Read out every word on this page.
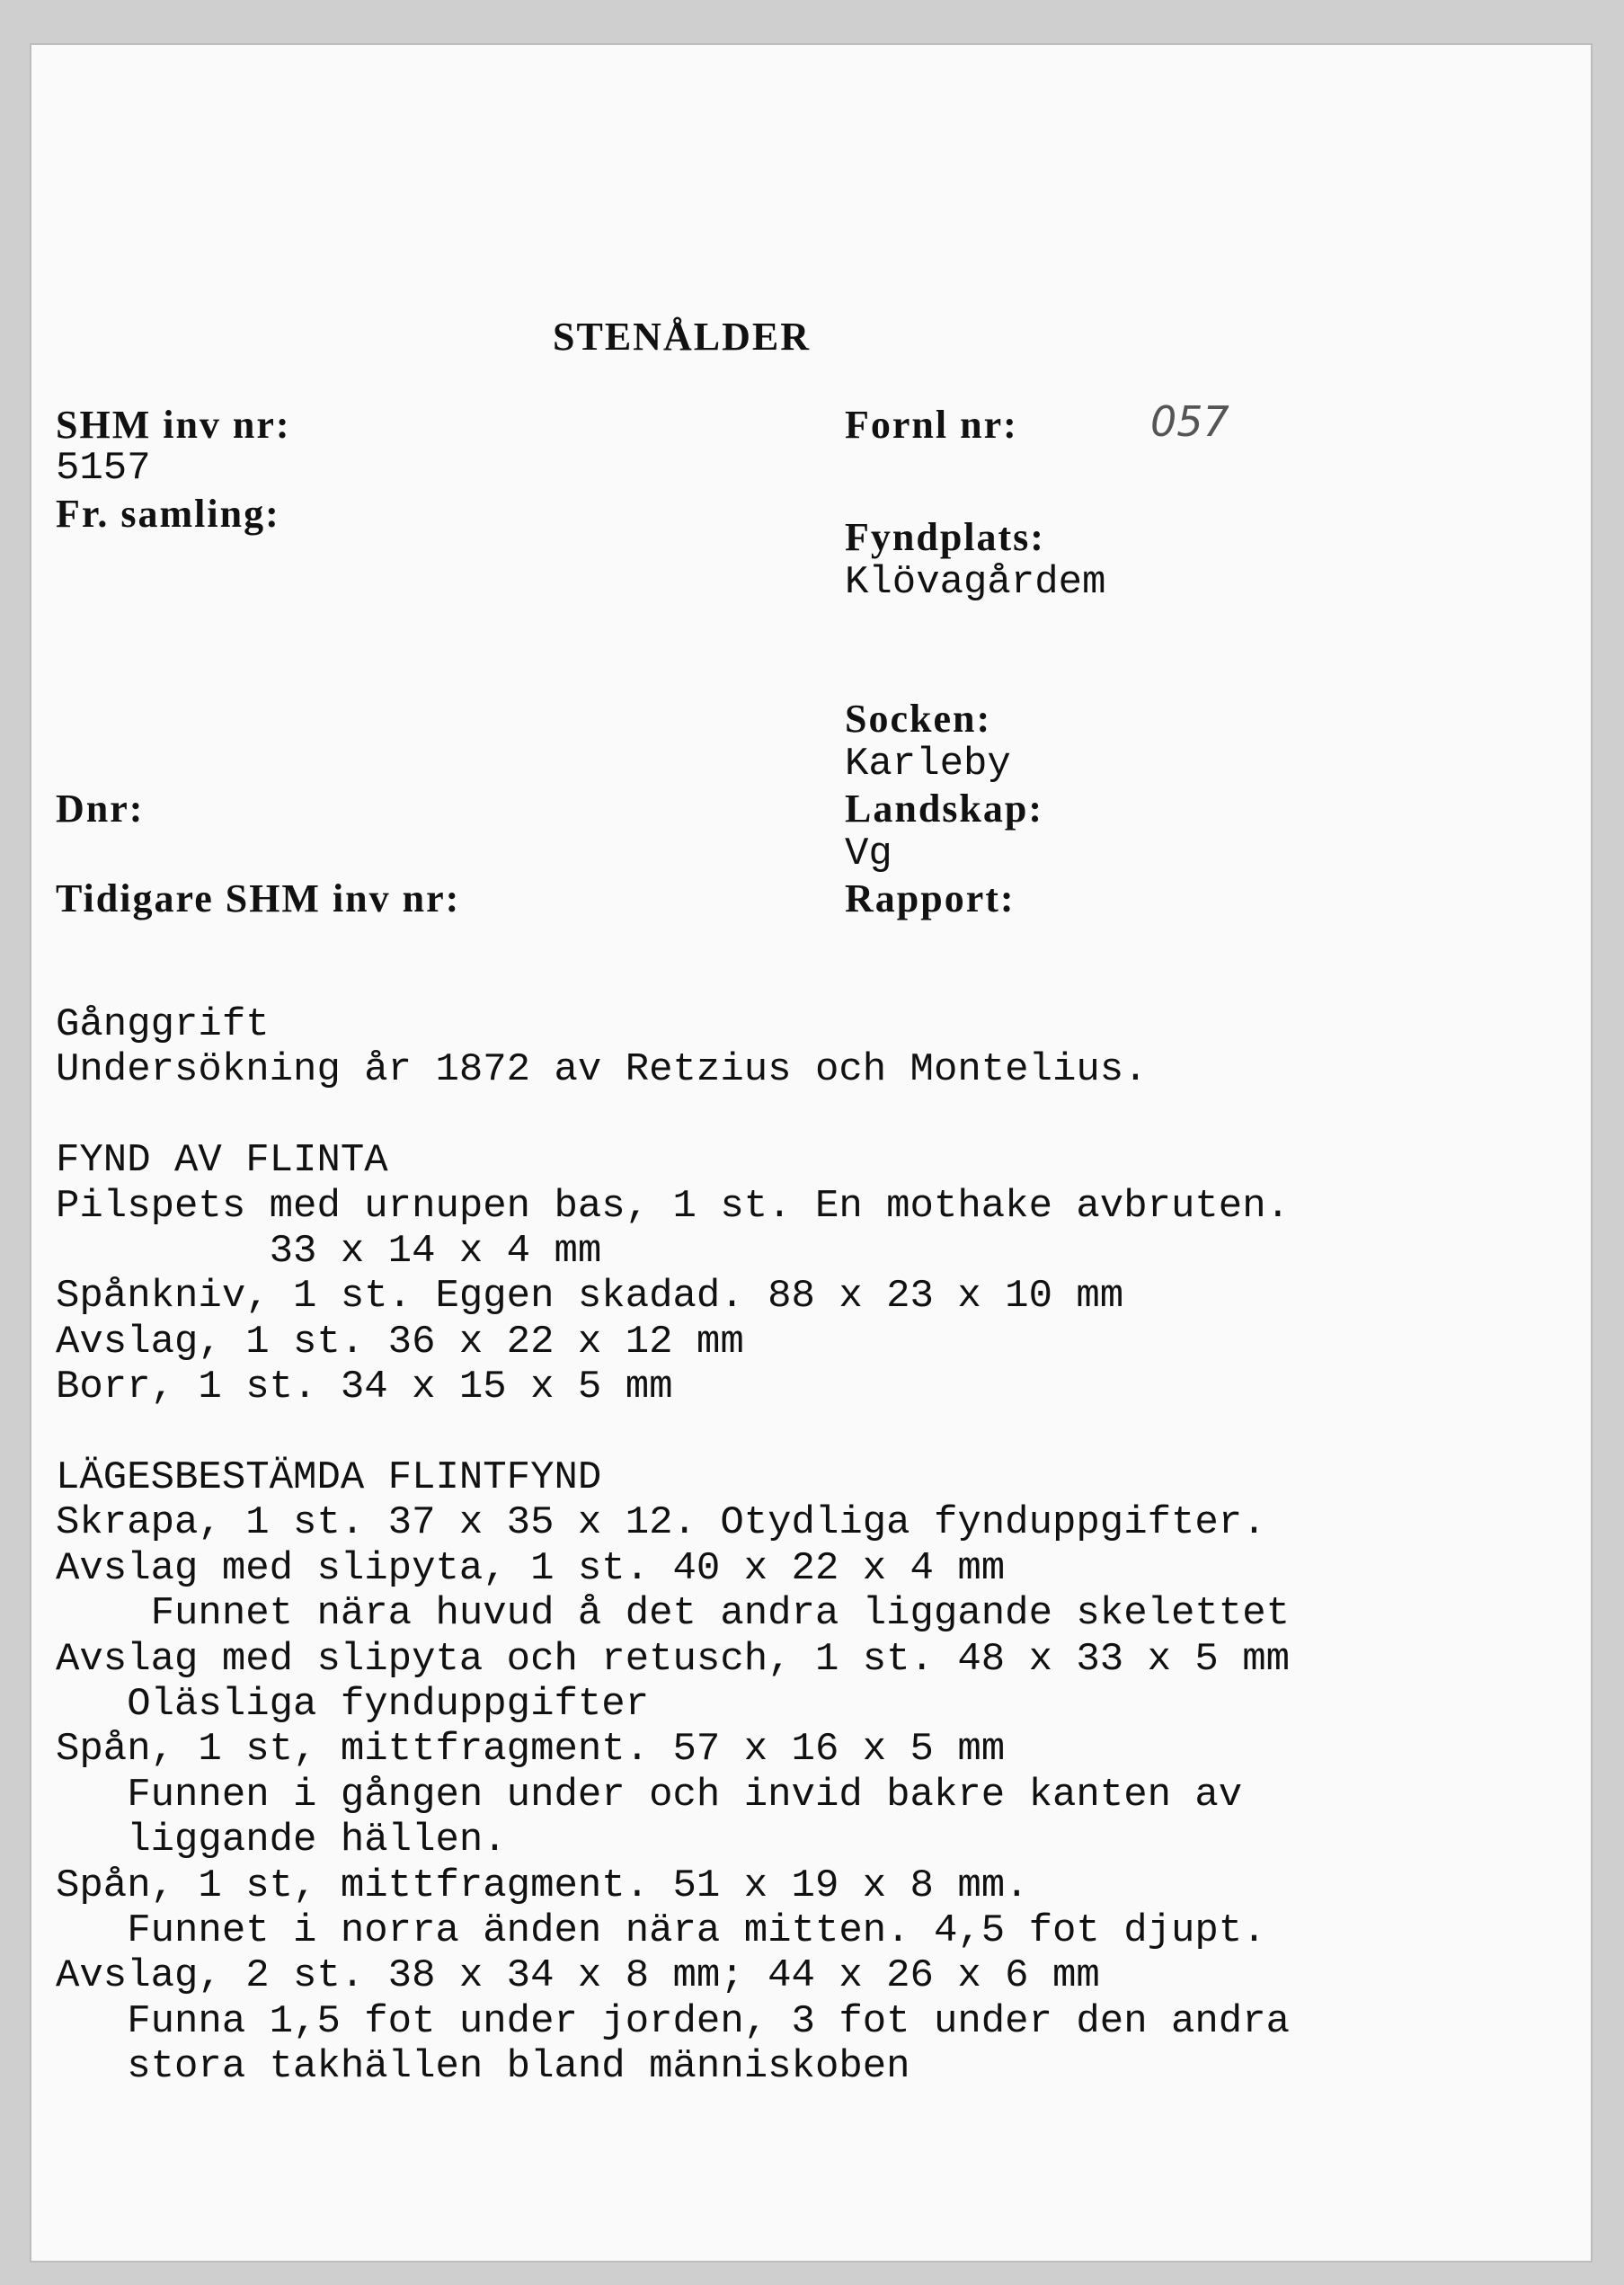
STENÅLDER
SHM inv nr:
5157
Fr. samling:
Dnr:
Tidigare SHM inv nr:
Fornl nr:	057
Fyndplats:
Klövagårdem
Socken:
Karleby
Landskap:
Vg
Rapport:
Gånggrift
Undersökning år 1872 av Retzius och Montelius.
FYND AV FLINTA
Pilspets med urnupen bas, 1 st. En mothake avbruten.
33 x 14 x 4 mm
Spånkniv, 1 st. Eggen skadad. 88 x 23 x 10 mm
Avslag, 1 st. 36 x 22 x 12 mm
Borr, 1 st. 34 x 15 x 5 mm
LÄGESBESTÄMDA FLINTFYND
Skrapa, 1 st. 37 x 35 x 12. Otydliga fynduppgifter.
Avslag med slipyta, 1 st. 40 x 22 x 4 mm
Funnet nära huvud å det andra liggande skelettet
Avslag med slipyta och retusch, 1 st. 48 x 33 x 5 mm
Oläsliga fynduppgifter
Spån, 1 st, mittfragment. 57 x 16 x 5 mm
Funnen i gången under och invid bakre kanten av
liggande hällen.
Spån, 1 st, mittfragment. 51 x 19 x 8 mm.
Funnet i norra änden nära mitten. 4,5 fot djupt.
Avslag, 2 st. 38 x 34 x 8 mm; 44 x 26 x 6 mm
Funna 1,5 fot under jorden, 3 fot under den andra
stora takhällen bland människoben
